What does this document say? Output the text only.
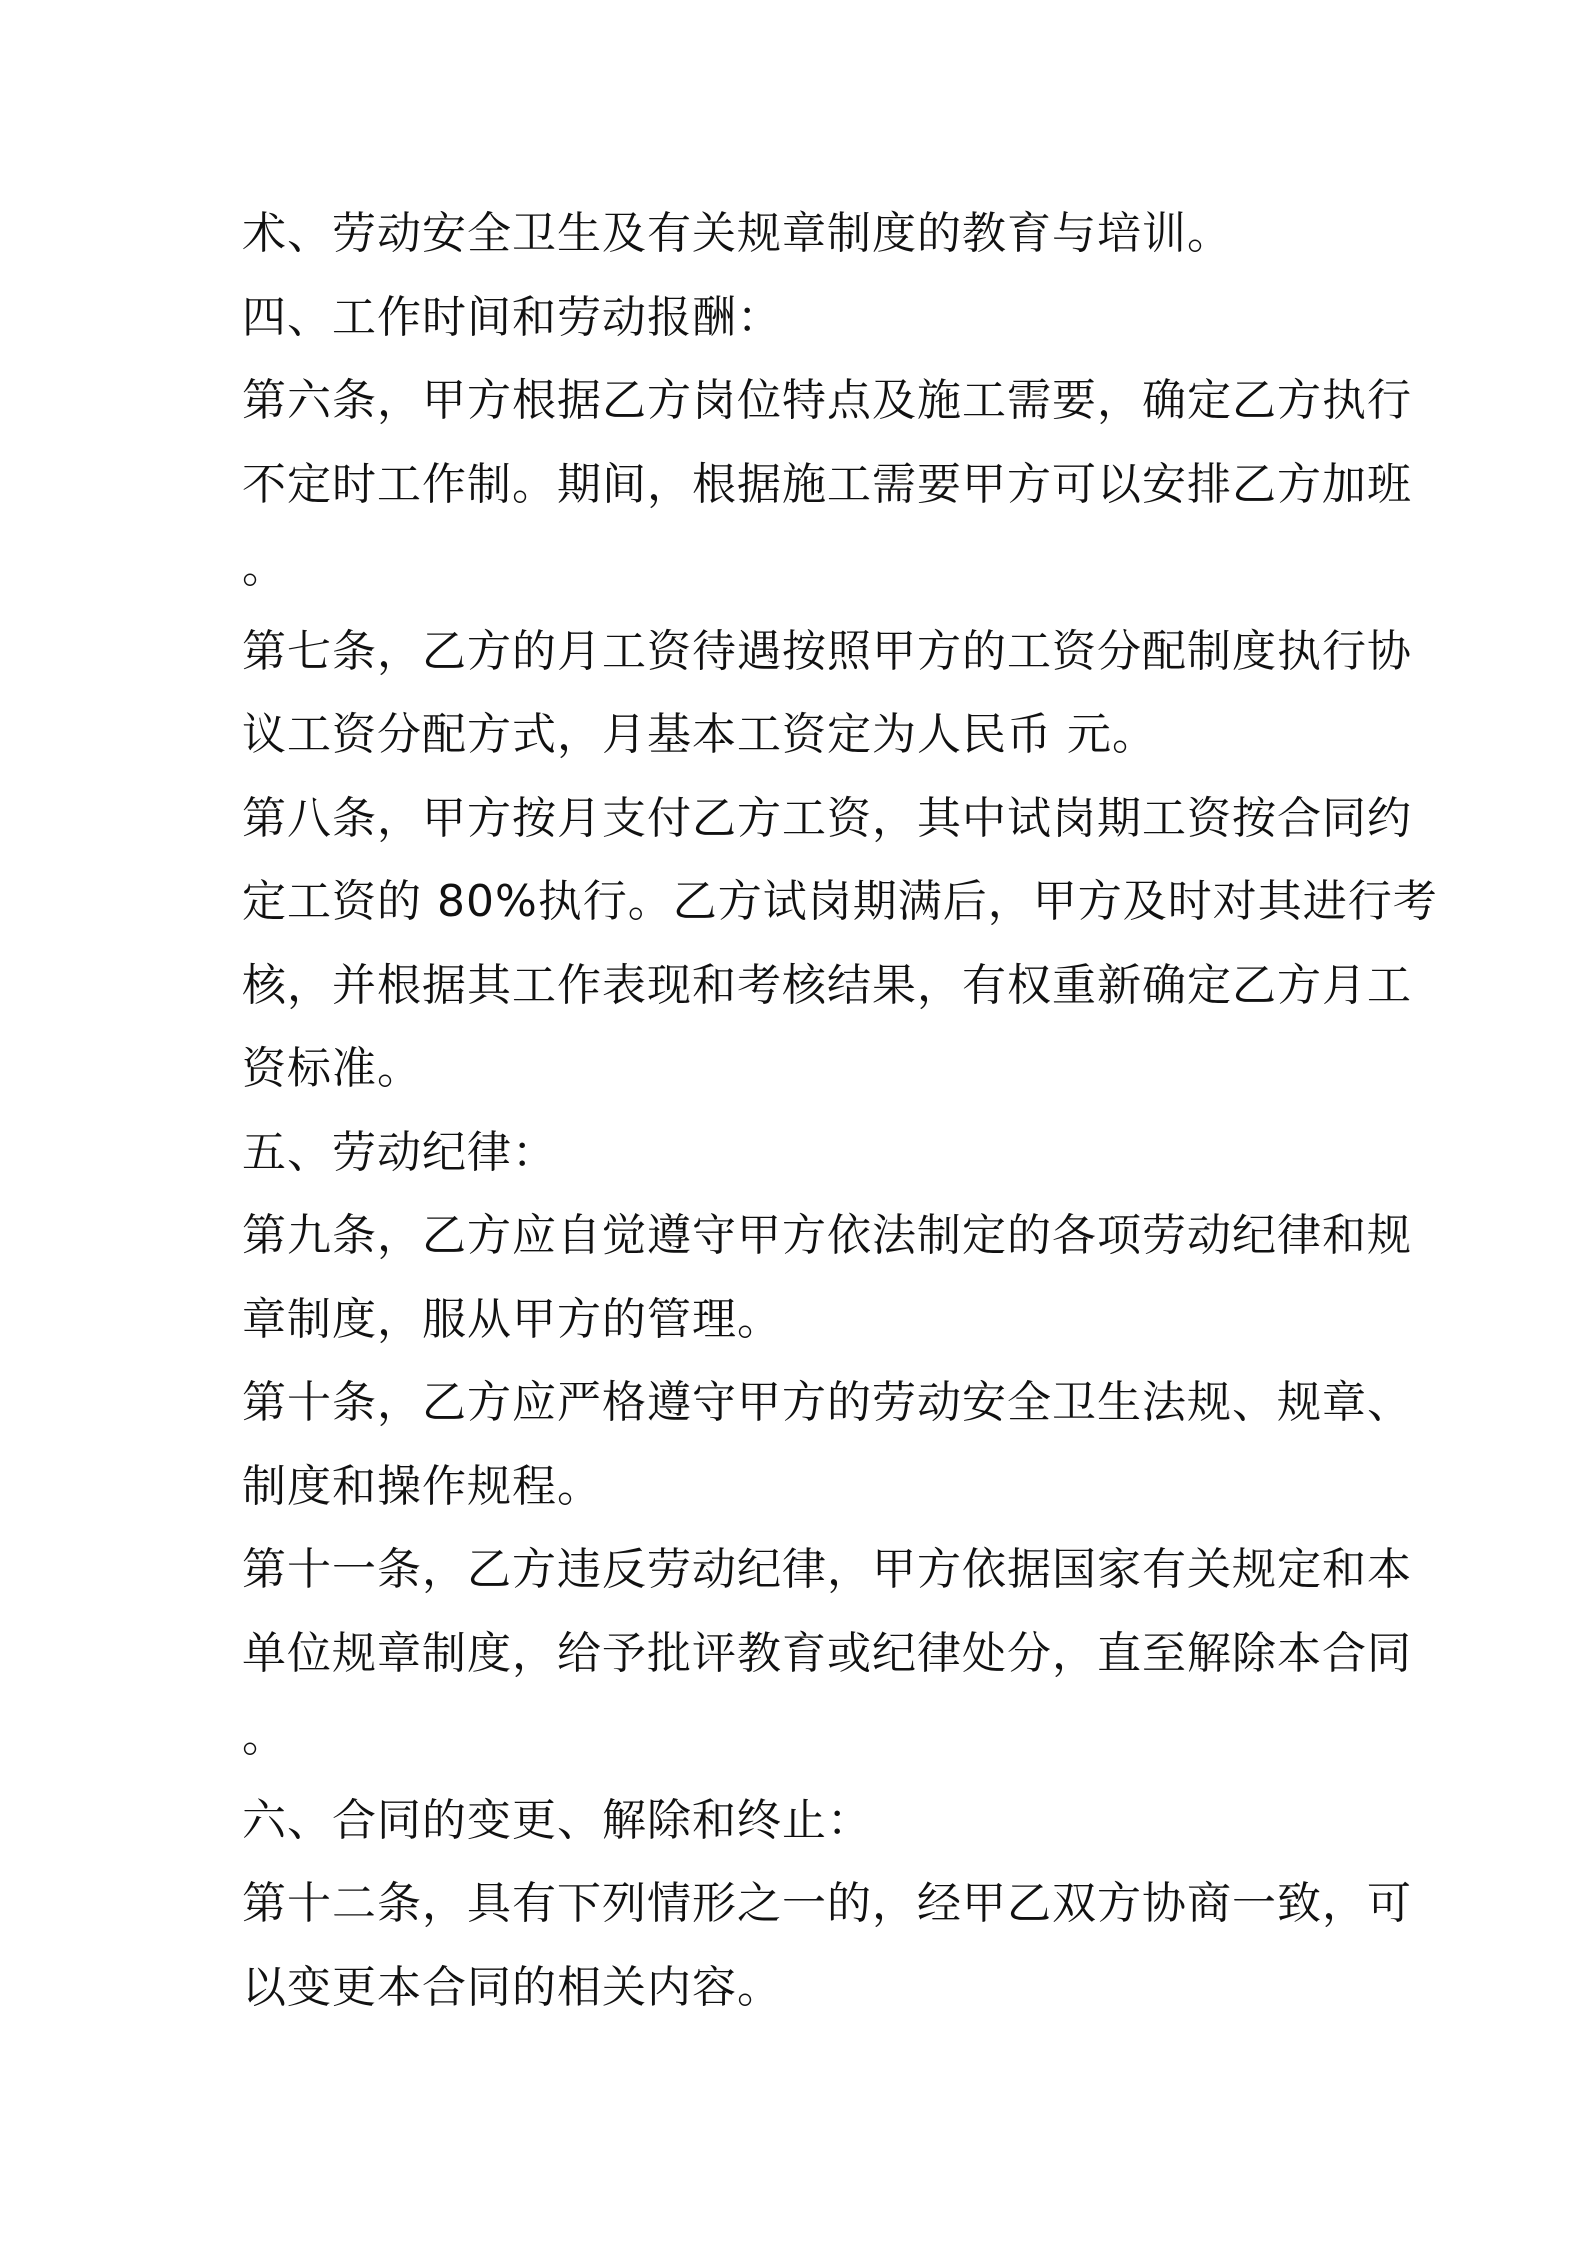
术、劳动安全卫生及有关规章制度的教育与培训。
四、工作时间和劳动报酬：
第六条，甲方根据乙方岗位特点及施工需要，确定乙方执行
不定时工作制。期间，根据施工需要甲方可以安排乙方加班
。
第七条，乙方的月工资待遇按照甲方的工资分配制度执行协
议工资分配方式，月基本工资定为人民币 元。
第八条，甲方按月支付乙方工资，其中试岗期工资按合同约
定工资的 80%执行。乙方试岗期满后，甲方及时对其进行考
核，并根据其工作表现和考核结果，有权重新确定乙方月工
资标准。
五、劳动纪律：
第九条，乙方应自觉遵守甲方依法制定的各项劳动纪律和规
章制度，服从甲方的管理。
第十条，乙方应严格遵守甲方的劳动安全卫生法规、规章、
制度和操作规程。
第十一条，乙方违反劳动纪律，甲方依据国家有关规定和本
单位规章制度，给予批评教育或纪律处分，直至解除本合同
。
六、合同的变更、解除和终止：
第十二条，具有下列情形之一的，经甲乙双方协商一致，可
以变更本合同的相关内容。
